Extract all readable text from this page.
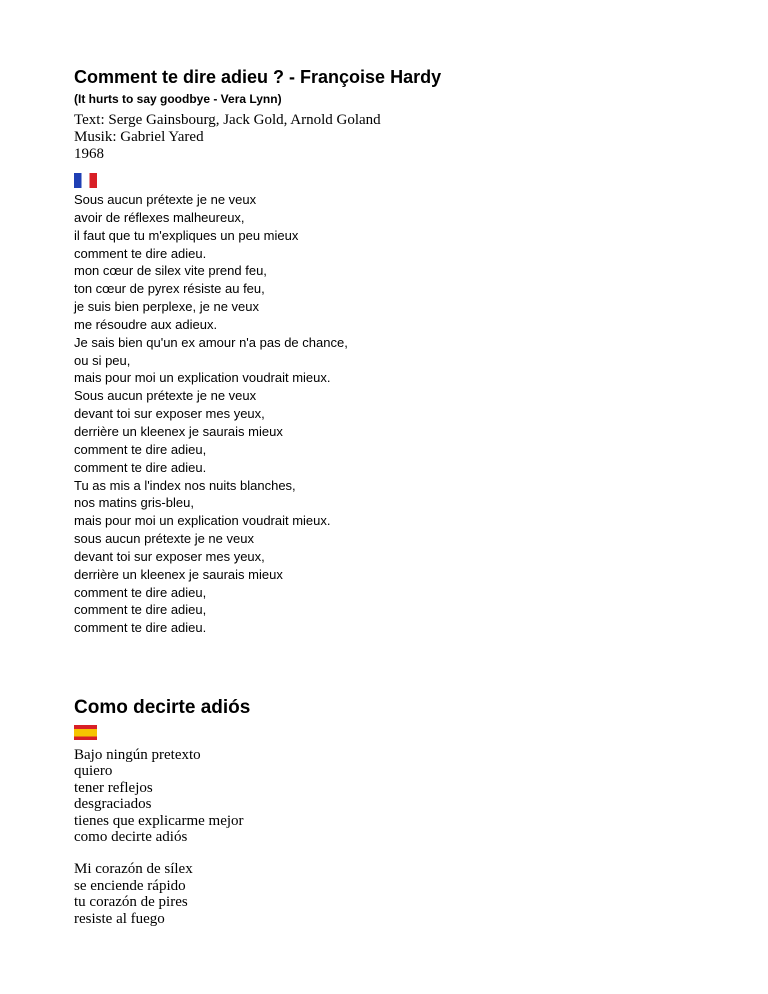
Comment te dire adieu ? - Françoise Hardy
(It hurts to say goodbye - Vera Lynn)
Text: Serge Gainsbourg, Jack Gold, Arnold Goland
Musik: Gabriel Yared
1968
Sous aucun prétexte je ne veux
avoir de réflexes malheureux,
il faut que tu m'expliques un peu mieux
comment te dire adieu.
mon cœur de silex vite prend feu,
ton cœur de pyrex résiste au feu,
je suis bien perplexe, je ne veux
me résoudre aux adieux.
Je sais bien qu'un ex amour n'a pas de chance,
ou si peu,
mais pour moi un explication voudrait mieux.
Sous aucun prétexte je ne veux
devant toi sur exposer mes yeux,
derrière un kleenex je saurais mieux
comment te dire adieu,
comment te dire adieu.
Tu as mis a l'index nos nuits blanches,
nos matins gris-bleu,
mais pour moi un explication voudrait mieux.
sous aucun prétexte je ne veux
devant toi sur exposer mes yeux,
derrière un kleenex je saurais mieux
comment te dire adieu,
comment te dire adieu,
comment te dire adieu.
Como decirte adiós
Bajo ningún pretexto
quiero
tener reflejos
desgraciados
tienes que explicarme mejor
como decirte adiós
Mi corazón de sílex
se enciende rápido
tu corazón de pires
resiste al fuego
